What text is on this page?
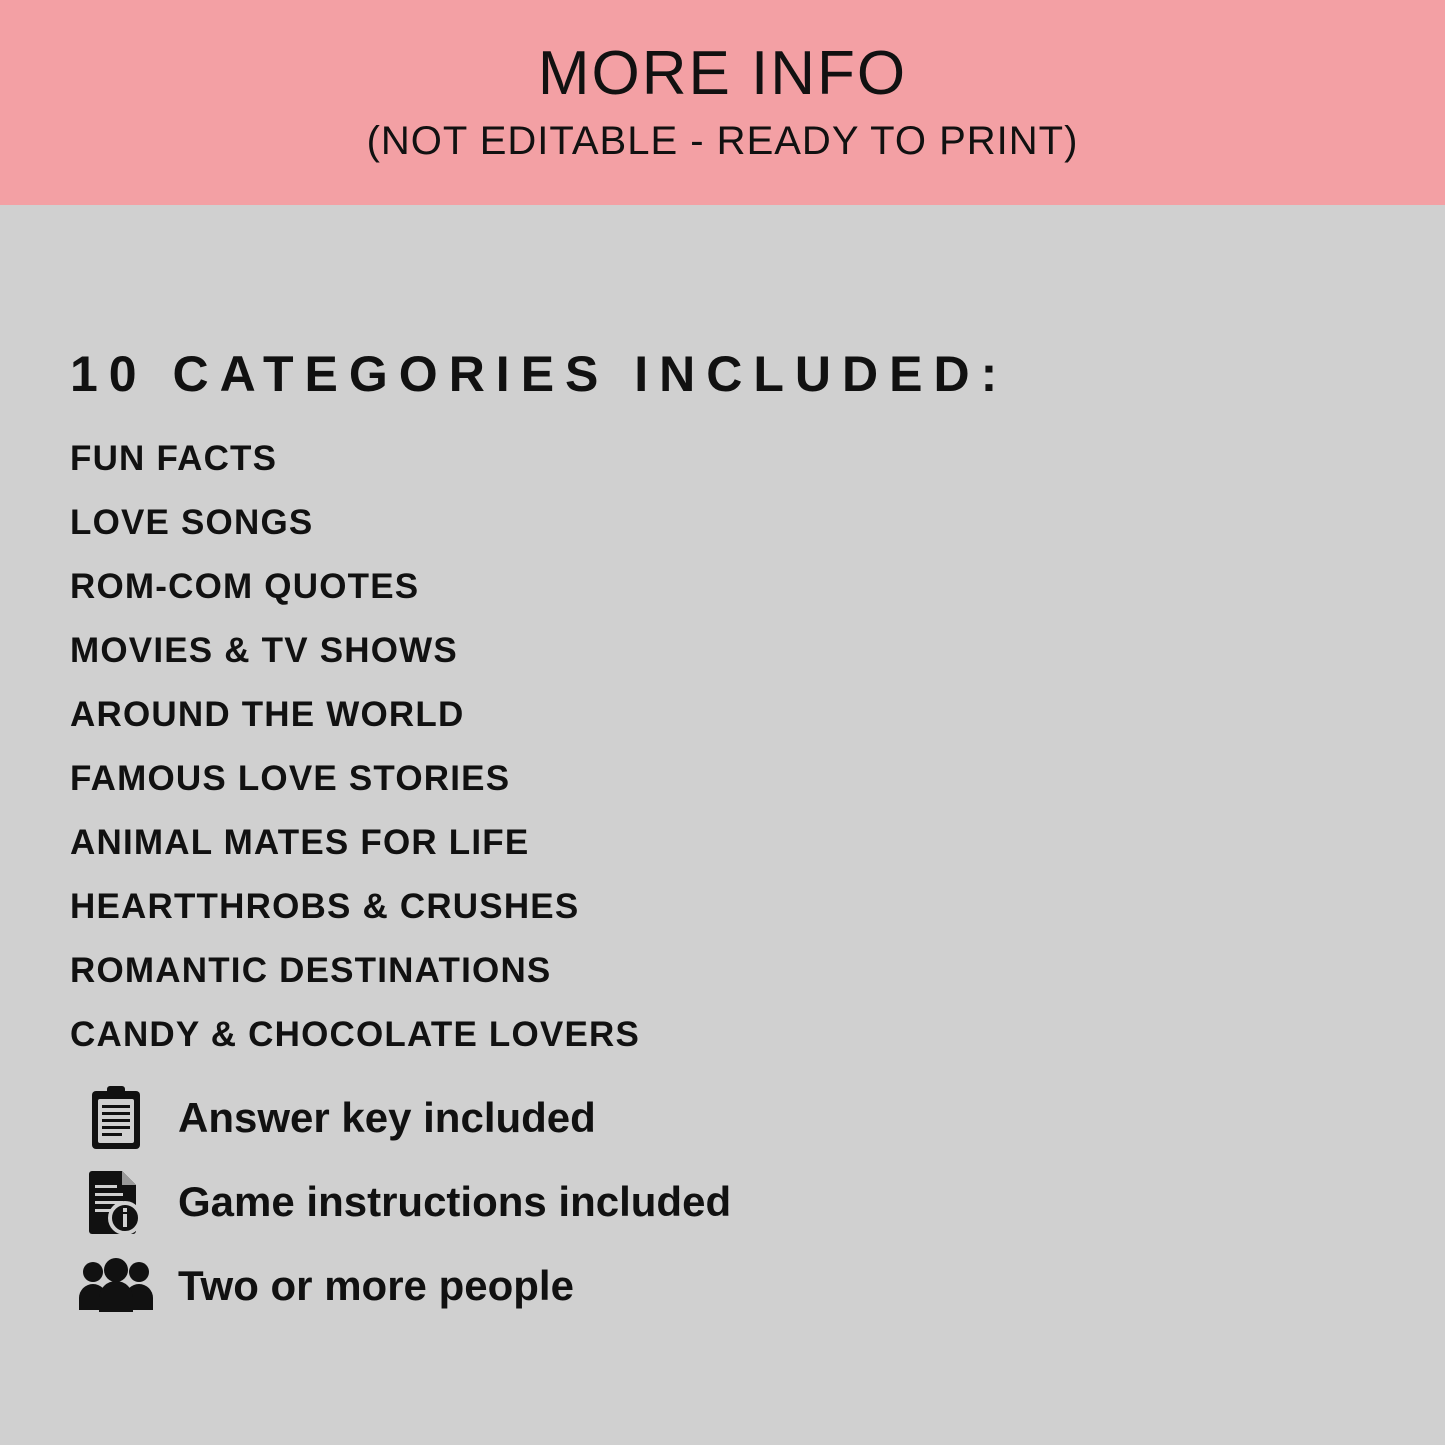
MORE INFO
(NOT EDITABLE - READY TO PRINT)
10 CATEGORIES INCLUDED:
FUN FACTS
LOVE SONGS
ROM-COM QUOTES
MOVIES & TV SHOWS
AROUND THE WORLD
FAMOUS LOVE STORIES
ANIMAL MATES FOR LIFE
HEARTTHROBS & CRUSHES
ROMANTIC DESTINATIONS
CANDY & CHOCOLATE LOVERS
Answer key included
Game instructions included
Two or more people
